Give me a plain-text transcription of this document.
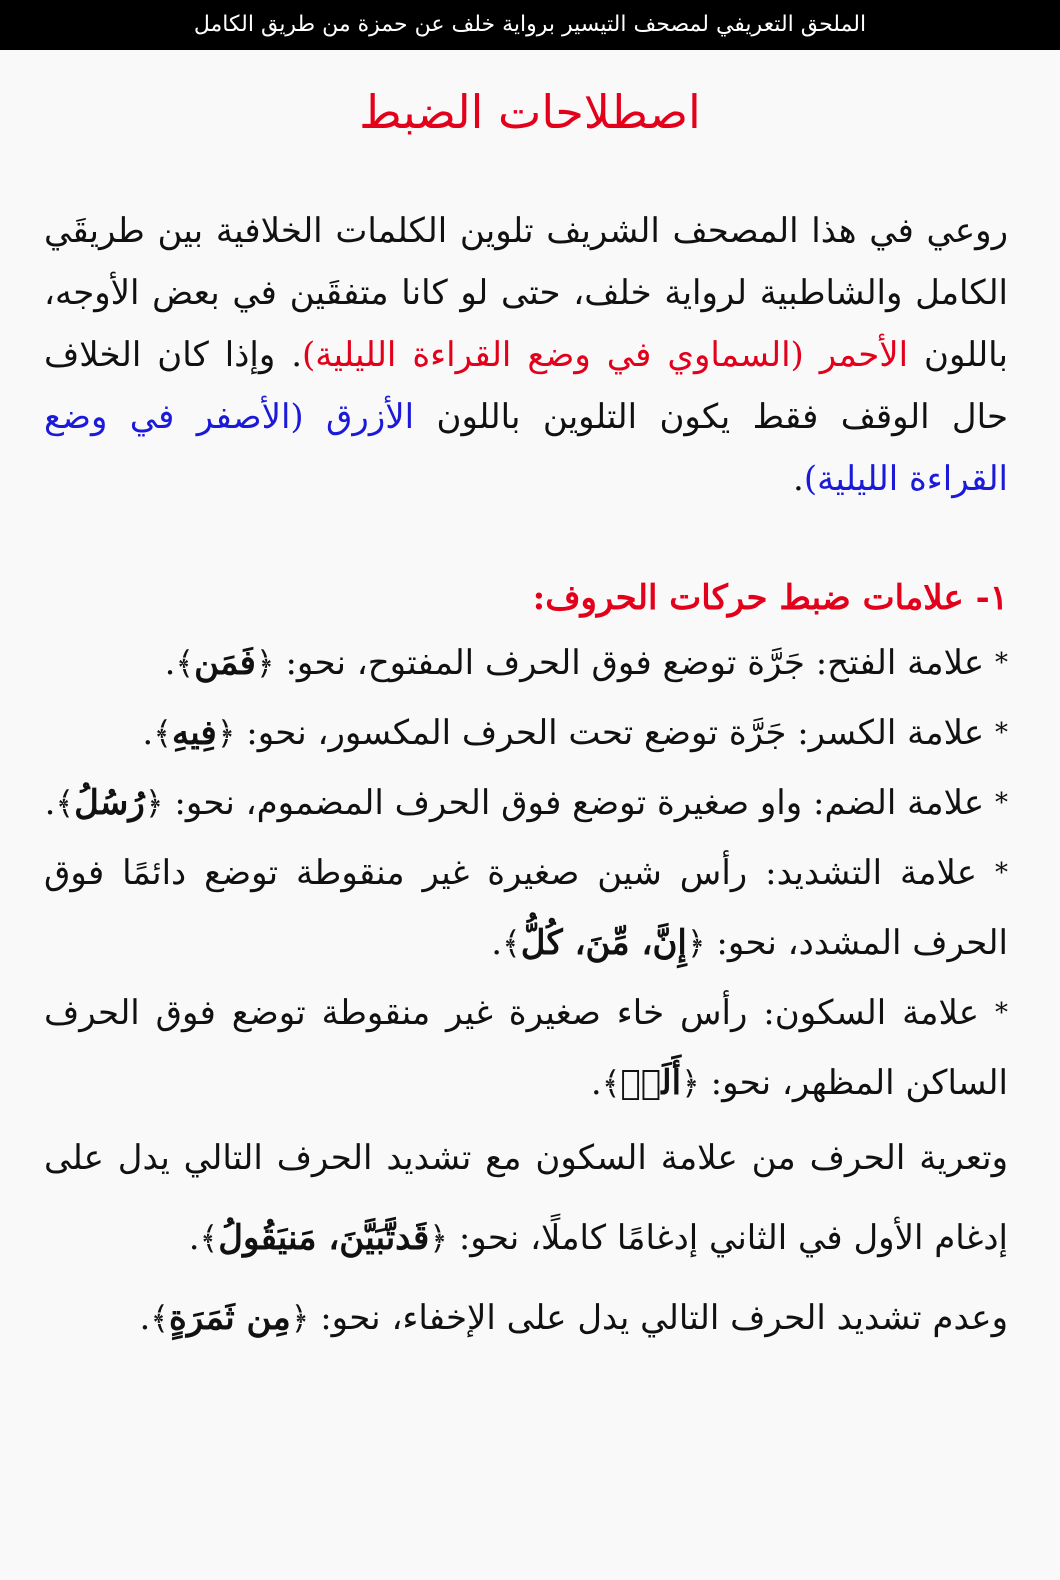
الملحق التعريفي لمصحف التيسير برواية خلف عن حمزة من طريق الكامل
اصطلاحات الضبط

روعي في هذا المصحف الشريف تلوين الكلمات الخلافية بين طريقَي الكامل والشاطبية لرواية خلف، حتى لو كانا متفقَين في بعض الأوجه، باللون الأحمر (السماوي في وضع القراءة الليلية). وإذا كان الخلاف حال الوقف فقط يكون التلوين باللون الأزرق (الأصفر في وضع القراءة الليلية).

١- علامات ضبط حركات الحروف:

* علامة الفتح: جَرَّة توضع فوق الحرف المفتوح، نحو: ﴿فَمَن﴾.

* علامة الكسر: جَرَّة توضع تحت الحرف المكسور، نحو: ﴿فِيهِ﴾.

* علامة الضم: واو صغيرة توضع فوق الحرف المضموم، نحو: ﴿رُسُلُ﴾.

* علامة التشديد: رأس شين صغيرة غير منقوطة توضع دائمًا فوق الحرف المشدد، نحو: ﴿إِنَّ، مِّنَ، كُلُّ﴾.

* علامة السكون: رأس خاء صغيرة غير منقوطة توضع فوق الحرف الساكن المظهر، نحو: ﴿أَلَمۡ﴾.

وتعرية الحرف من علامة السكون مع تشديد الحرف التالي يدل على إدغام الأول في الثاني إدغامًا كاملًا، نحو: ﴿قَدتَّبَيَّنَ، مَنيَقُولُ﴾.

وعدم تشديد الحرف التالي يدل على الإخفاء، نحو: ﴿مِن ثَمَرَةٍ﴾.
